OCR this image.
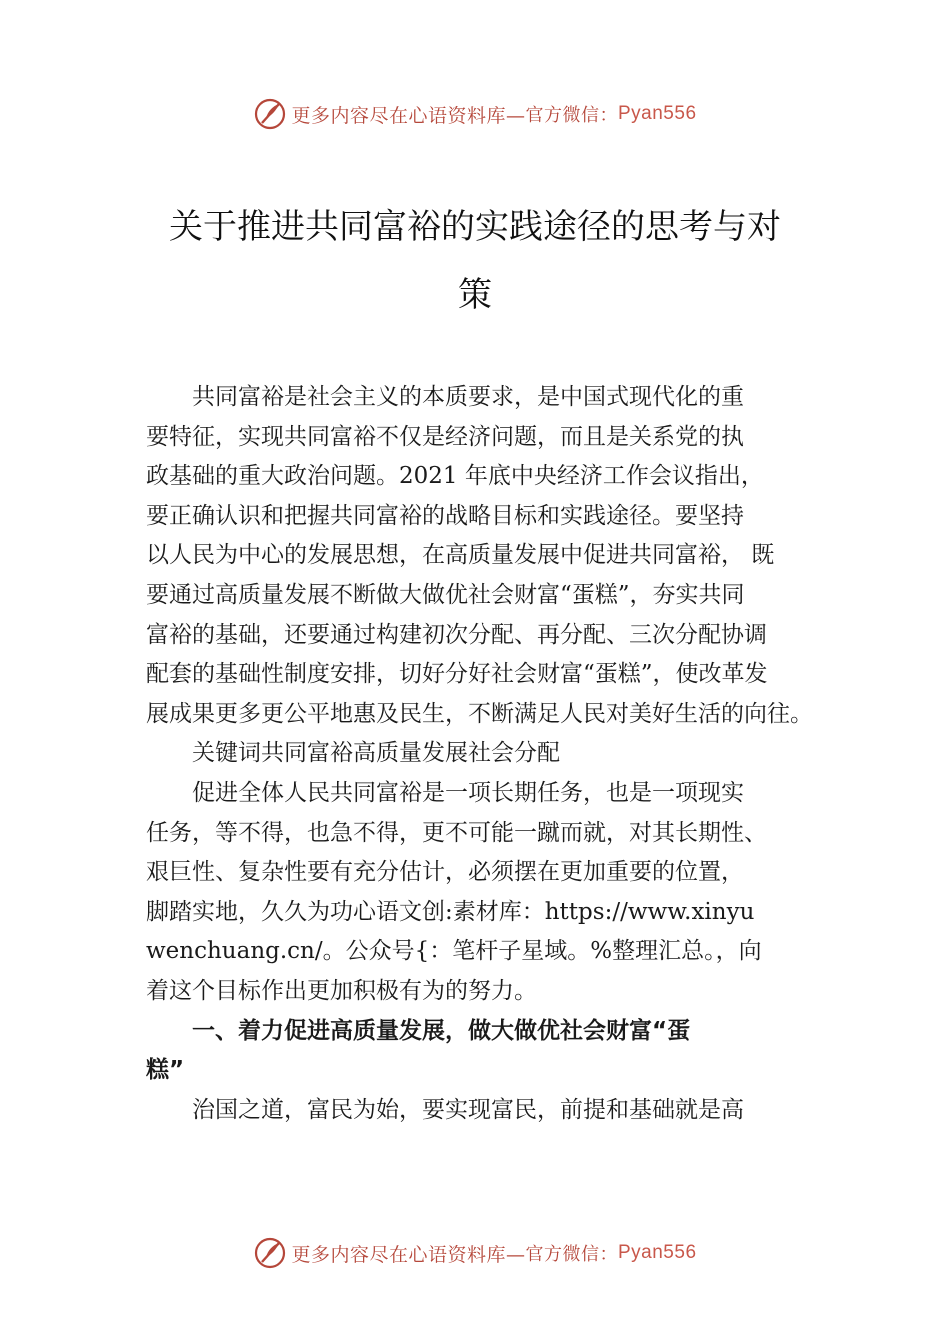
更多内容尽在心语资料库— 官方微信： Pyan556
关于推进共同富裕的实践途径的思考与对
策

共同富裕是社会主义的本质要求，是中国式现代化的重
要特征，实现共同富裕不仅是经济问题，而且是关系党的执
政基础的重大政治问题。2021 年底中央经济工作会议指出，
要正确认识和把握共同富裕的战略目标和实践途径。要坚持
以人民为中心的发展思想，在高质量发展中促进共同富裕， 既
要通过高质量发展不断做大做优社会财富“蛋糕”，夯实共同
富裕的基础，还要通过构建初次分配、再分配、三次分配协调
配套的基础性制度安排，切好分好社会财富“蛋糕”，使改革发
展成果更多更公平地惠及民生，不断满足人民对美好生活的向往。

关键词共同富裕高质量发展社会分配

促进全体人民共同富裕是一项长期任务，也是一项现实
任务，等不得，也急不得，更不可能一蹴而就，对其长期性、
艰巨性、复杂性要有充分估计，必须摆在更加重要的位置，
脚踏实地，久久为功心语文创:素材库：https://www.xinyu
wenchuang.cn/。公众号{：笔杆子星域。%整理汇总。，向
着这个目标作出更加积极有为的努力。

一、着力促进高质量发展，做大做优社会财富“蛋
糕”

治国之道，富民为始，要实现富民，前提和基础就是高

更多内容尽在心语资料库— 官方微信： Pyan556
